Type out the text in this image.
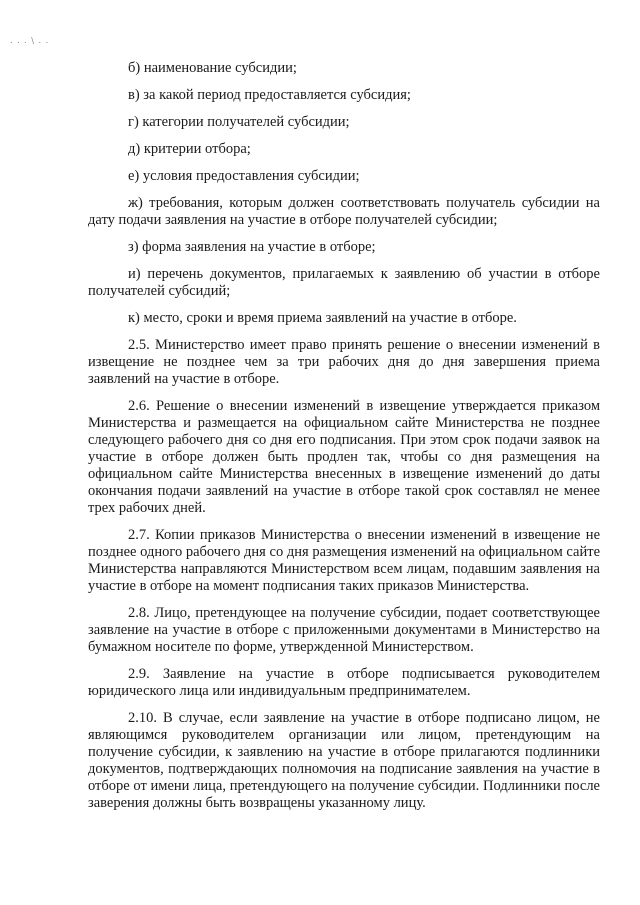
. . . \ . .

б) наименование субсидии;

в) за какой период предоставляется субсидия;

г) категории получателей субсидии;

д) критерии отбора;

е) условия предоставления субсидии;

ж) требования, которым должен соответствовать получатель субсидии на дату подачи заявления на участие в отборе получателей субсидии;

з) форма заявления на участие в отборе;

и) перечень документов, прилагаемых к заявлению об участии в отборе получателей субсидий;

к) место, сроки и время приема заявлений на участие в отборе.

2.5. Министерство имеет право принять решение о внесении изменений в извещение не позднее чем за три рабочих дня до дня завершения приема заявлений на участие в отборе.

2.6. Решение о внесении изменений в извещение утверждается приказом Министерства и размещается на официальном сайте Министерства не позднее следующего рабочего дня со дня его подписания. При этом срок подачи заявок на участие в отборе должен быть продлен так, чтобы со дня размещения на официальном сайте Министерства внесенных в извещение изменений до даты окончания подачи заявлений на участие в отборе такой срок составлял не менее трех рабочих дней.

2.7. Копии приказов Министерства о внесении изменений в извещение не позднее одного рабочего дня со дня размещения изменений на официальном сайте Министерства направляются Министерством всем лицам, подавшим заявления на участие в отборе на момент подписания таких приказов Министерства.

2.8. Лицо, претендующее на получение субсидии, подает соответствующее заявление на участие в отборе с приложенными документами в Министерство на бумажном носителе по форме, утвержденной Министерством.

2.9. Заявление на участие в отборе подписывается руководителем юридического лица или индивидуальным предпринимателем.

2.10. В случае, если заявление на участие в отборе подписано лицом, не являющимся руководителем организации или лицом, претендующим на получение субсидии, к заявлению на участие в отборе прилагаются подлинники документов, подтверждающих полномочия на подписание заявления на участие в отборе от имени лица, претендующего на получение субсидии. Подлинники после заверения должны быть возвращены указанному лицу.
